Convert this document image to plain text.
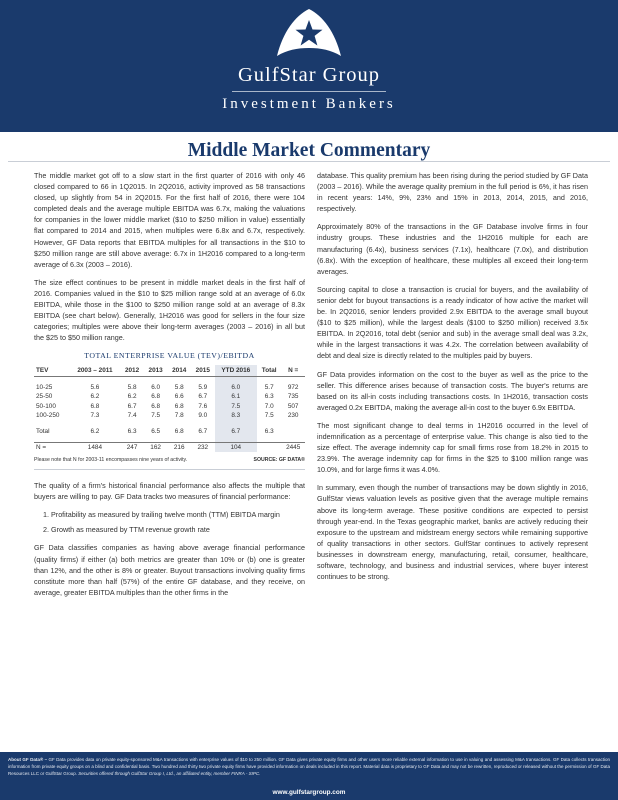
GulfStar Group
Investment Bankers
Middle Market Commentary

The middle market got off to a slow start in the first quarter of 2016 with only 46 closed compared to 66 in 1Q2015. In 2Q2016, activity improved as 58 transactions closed, up slightly from 54 in 2Q2015. For the first half of 2016, there were 104 completed deals and the average multiple EBITDA was 6.7x, making the valuations for companies in the lower middle market ($10 to $250 million in value) essentially flat compared to 2014 and 2015, when multiples were 6.8x and 6.7x, respectively. However, GF Data reports that EBITDA multiples for all transactions in the $10 to $250 million range are still above average: 6.7x in 1H2016 compared to a long-term average of 6.3x (2003 – 2016).

The size effect continues to be present in middle market deals in the first half of 2016. Companies valued in the $10 to $25 million range sold at an average of 6.0x EBITDA, while those in the $100 to $250 million range sold at an average of 8.3x EBITDA (see chart below). Generally, 1H2016 was good for sellers in the four size categories; multiples were above their long-term averages (2003 – 2016) in all but the $25 to $50 million range.

TOTAL ENTERPRISE VALUE (TEV)/EBITDA
TEV	2003 – 2011	2012	2013	2014	2015	YTD 2016	Total	N =

10-25	5.6	5.8	6.0	5.8	5.9	6.0	5.7	972
25-50	6.2	6.2	6.8	6.6	6.7	6.1	6.3	735
50-100	6.8	6.7	6.8	6.8	7.6	7.5	7.0	507
100-250	7.3	7.4	7.5	7.8	9.0	8.3	7.5	230

Total	6.2	6.3	6.5	6.8	6.7	6.7	6.3	

N =	1484	247	162	216	232	104		2445
Please note that N for 2003-11 encompasses nine years of activity.	SOURCE: GF DATA®

The quality of a firm's historical financial performance also affects the multiple that buyers are willing to pay. GF Data tracks two measures of financial performance:

1. Profitability as measured by trailing twelve month (TTM) EBITDA margin
2. Growth as measured by TTM revenue growth rate

GF Data classifies companies as having above average financial performance (quality firms) if either (a) both metrics are greater than 10% or (b) one is greater than 12%, and the other is 8% or greater. Buyout transactions involving quality firms constitute more than half (57%) of the entire GF database, and they receive, on average, greater EBITDA multiples than the other firms in the

database. This quality premium has been rising during the period studied by GF Data (2003 – 2016). While the average quality premium in the full period is 6%, it has risen in recent years: 14%, 9%, 23% and 15% in 2013, 2014, 2015, and 2016, respectively.

Approximately 80% of the transactions in the GF Database involve firms in four industry groups. These industries and the 1H2016 multiple for each are manufacturing (6.4x), business services (7.1x), healthcare (7.0x), and distribution (6.8x). With the exception of healthcare, these multiples all exceed their long-term averages.

Sourcing capital to close a transaction is crucial for buyers, and the availability of senior debt for buyout transactions is a ready indicator of how active the market will be. In 2Q2016, senior lenders provided 2.9x EBITDA to the average small buyout ($10 to $25 million), while the largest deals ($100 to $250 million) received 3.5x EBITDA. In 2Q2016, total debt (senior and sub) in the average small deal was 3.2x, while in the largest transactions it was 4.2x. The correlation between availability of debt and deal size is directly related to the multiples paid by buyers.

GF Data provides information on the cost to the buyer as well as the price to the seller. This difference arises because of transaction costs. The buyer's returns are based on its all-in costs including transactions costs. In 1H2016, transaction costs averaged 0.2x EBITDA, making the average all-in cost to the buyer 6.9x EBITDA.

The most significant change to deal terms in 1H2016 occurred in the level of indemnification as a percentage of enterprise value. This change is also tied to the size effect. The average indemnity cap for small firms rose from 18.2% in 2015 to 23.9%. The average indemnity cap for firms in the $25 to $100 million range was 10.0%, and for large firms it was 4.0%.

In summary, even though the number of transactions may be down slightly in 2016, GulfStar views valuation levels as positive given that the average multiple remains above its long-term average. These positive conditions are expected to persist through year-end. In the Texas geographic market, banks are actively reducing their exposure to the upstream and midstream energy sectors while remaining supportive of quality transactions in other sectors. GulfStar continues to actively represent businesses in downstream energy, manufacturing, retail, consumer, healthcare, software, technology, and business and industrial services, where buyer interest continues to be strong.

About GF Data® – GF Data provides data on private equity-sponsored M&A transactions with enterprise values of $10 to 250 million. GF Data gives private equity firms and other users more reliable external information to use in valuing and assessing M&A transactions. GF Data collects transaction information from private equity groups on a blind and confidential basis. Two hundred and thirty two private equity firms have provided information on deals included in this report. Material data is proprietary to GF Data and may not be rewritten, reproduced or released without the permission of GF Data Resources LLC or GulfStar Group. Securities offered through GulfStar Group I, Ltd., an affiliated entity, member FINRA - SIPC.
www.gulfstargroup.com
